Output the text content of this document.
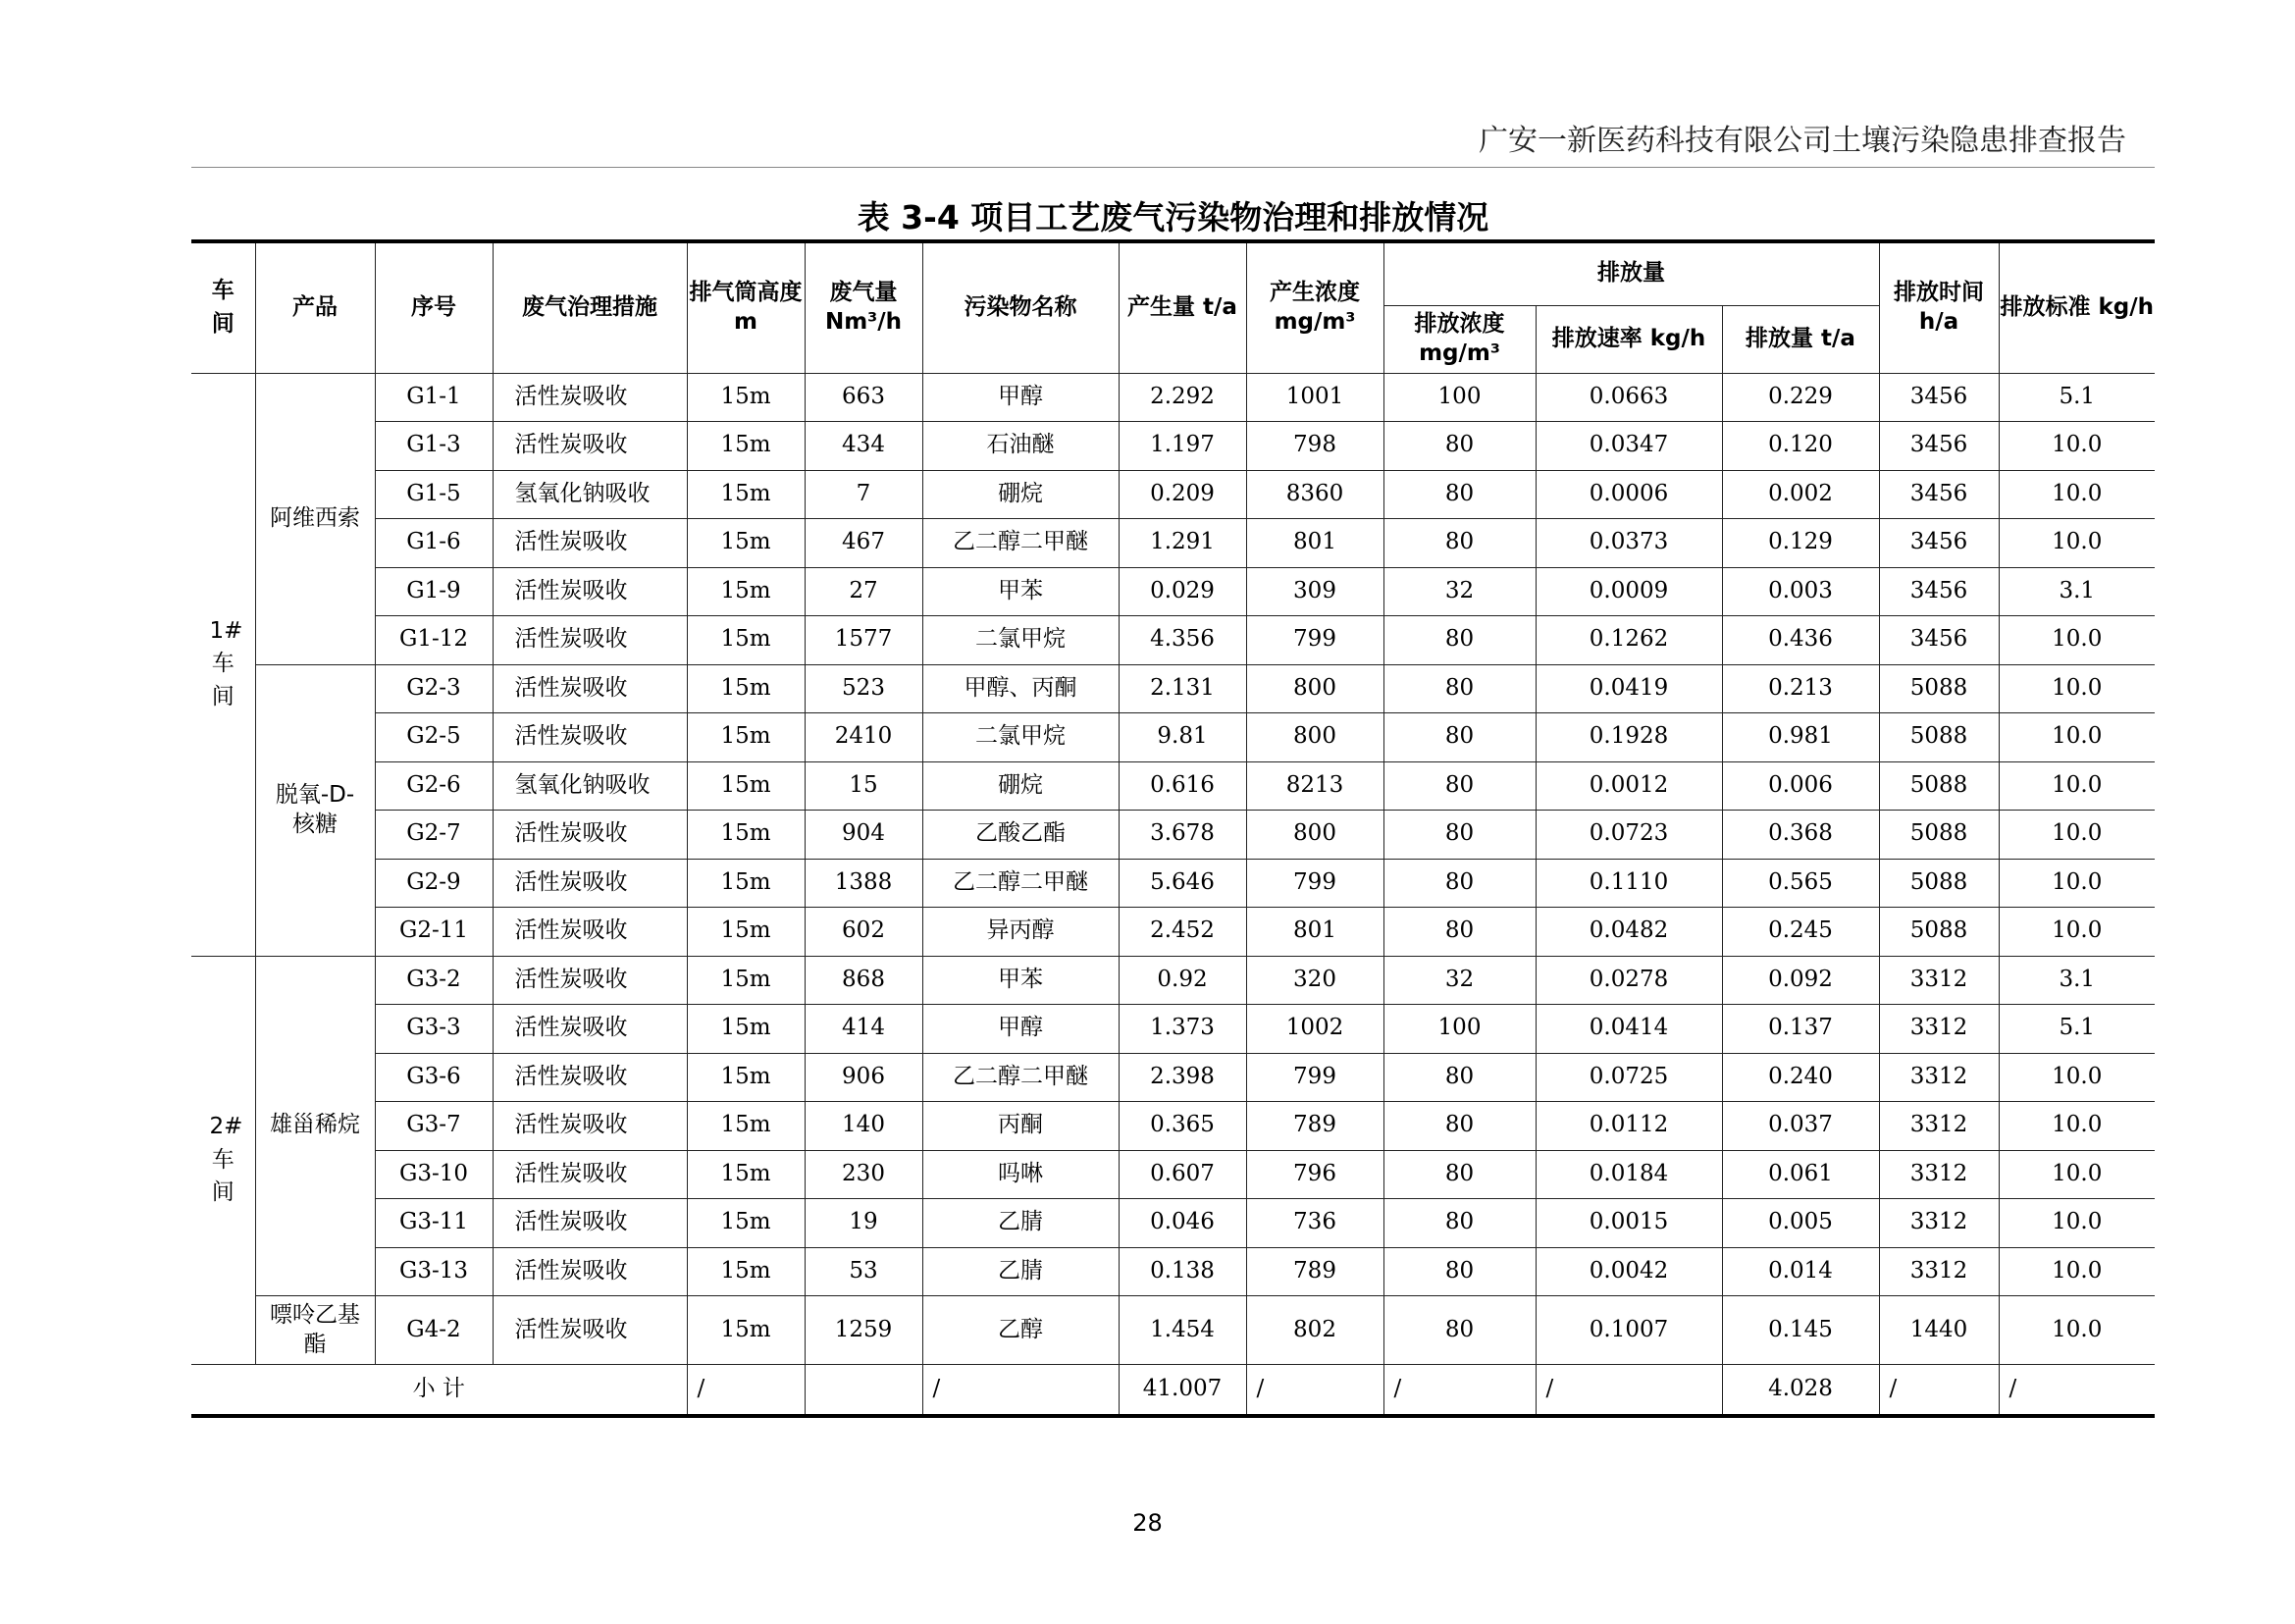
广安一新医药科技有限公司土壤污染隐患排查报告
表 3-4 项目工艺废气污染物治理和排放情况
车间	产品	序号	废气治理措施	排气筒高度 m	废气量 Nm³/h	污染物名称	产生量 t/a	产生浓度 mg/m³	排放量			排放时间 h/a	排放标准 kg/h
									排放浓度 mg/m³	排放速率 kg/h	排放量 t/a		

1#车间	阿维西索	G1-1	活性炭吸收	15m	663	甲醇	2.292	1001	100	0.0663	0.229	3456	5.1
		G1-3	活性炭吸收	15m	434	石油醚	1.197	798	80	0.0347	0.120	3456	10.0
		G1-5	氢氧化钠吸收	15m	7	硼烷	0.209	8360	80	0.0006	0.002	3456	10.0
		G1-6	活性炭吸收	15m	467	乙二醇二甲醚	1.291	801	80	0.0373	0.129	3456	10.0
		G1-9	活性炭吸收	15m	27	甲苯	0.029	309	32	0.0009	0.003	3456	3.1
		G1-12	活性炭吸收	15m	1577	二氯甲烷	4.356	799	80	0.1262	0.436	3456	10.0
	脱氧-D-核糖	G2-3	活性炭吸收	15m	523	甲醇、丙酮	2.131	800	80	0.0419	0.213	5088	10.0
		G2-5	活性炭吸收	15m	2410	二氯甲烷	9.81	800	80	0.1928	0.981	5088	10.0
		G2-6	氢氧化钠吸收	15m	15	硼烷	0.616	8213	80	0.0012	0.006	5088	10.0
		G2-7	活性炭吸收	15m	904	乙酸乙酯	3.678	800	80	0.0723	0.368	5088	10.0
		G2-9	活性炭吸收	15m	1388	乙二醇二甲醚	5.646	799	80	0.1110	0.565	5088	10.0
		G2-11	活性炭吸收	15m	602	异丙醇	2.452	801	80	0.0482	0.245	5088	10.0

2#车间	雄甾稀烷	G3-2	活性炭吸收	15m	868	甲苯	0.92	320	32	0.0278	0.092	3312	3.1
		G3-3	活性炭吸收	15m	414	甲醇	1.373	1002	100	0.0414	0.137	3312	5.1
		G3-6	活性炭吸收	15m	906	乙二醇二甲醚	2.398	799	80	0.0725	0.240	3312	10.0
		G3-7	活性炭吸收	15m	140	丙酮	0.365	789	80	0.0112	0.037	3312	10.0
		G3-10	活性炭吸收	15m	230	吗啉	0.607	796	80	0.0184	0.061	3312	10.0
		G3-11	活性炭吸收	15m	19	乙腈	0.046	736	80	0.0015	0.005	3312	10.0
		G3-13	活性炭吸收	15m	53	乙腈	0.138	789	80	0.0042	0.014	3312	10.0
	嘌呤乙基酯	G4-2	活性炭吸收	15m	1259	乙醇	1.454	802	80	0.1007	0.145	1440	10.0
小 计				/		/	41.007	/	/	/	4.028	/	/
28
